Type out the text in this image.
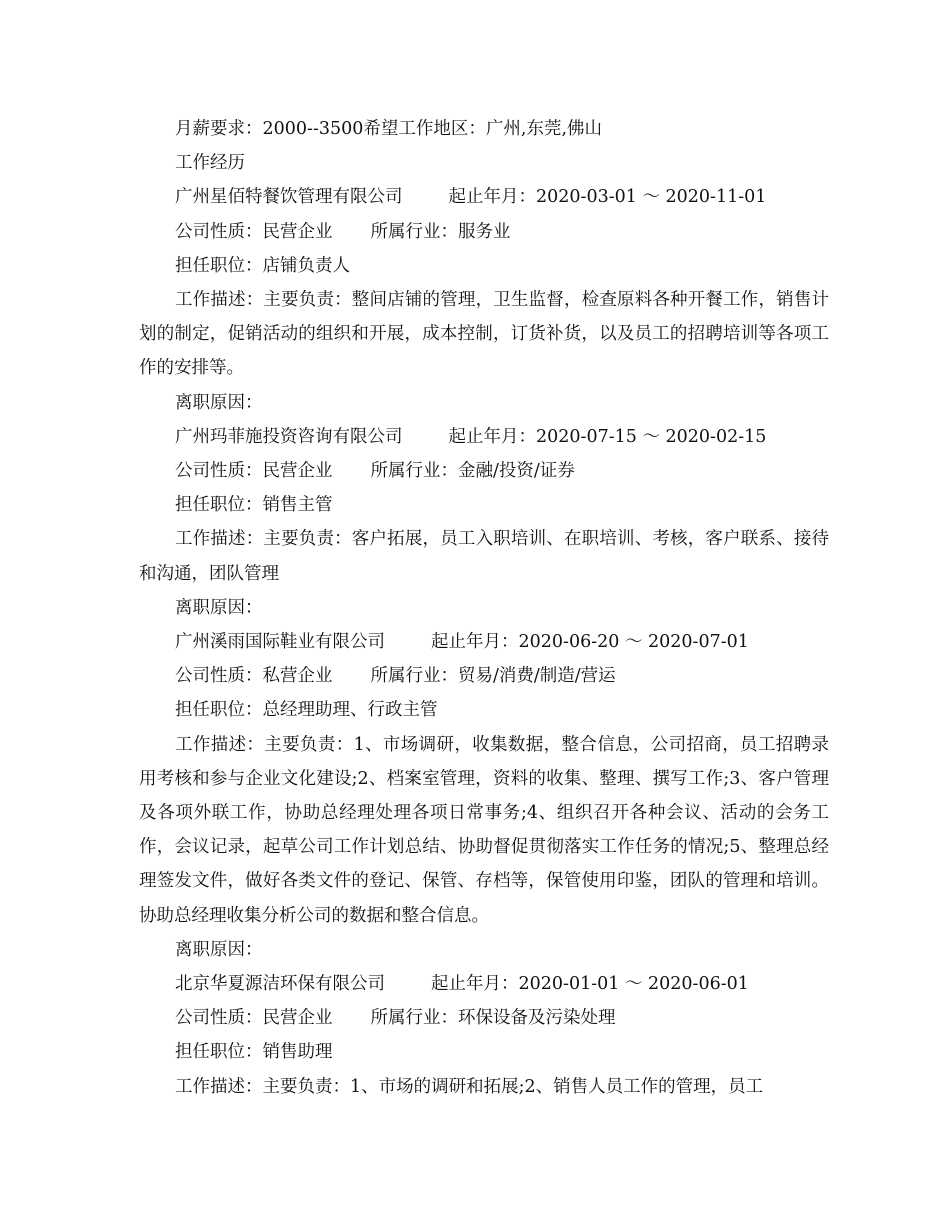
月薪要求：2000--3500希望工作地区：广州,东莞,佛山
工作经历
广州星佰特餐饮管理有限公司	起止年月：2020-03-01 ～ 2020-11-01
公司性质：民营企业 所属行业：服务业
担任职位：店铺负责人
工作描述：主要负责：整间店铺的管理，卫生监督，检查原料各种开餐工作，销售计划的制定，促销活动的组织和开展，成本控制，订货补货，以及员工的招聘培训等各项工作的安排等。
离职原因：
广州玛菲施投资咨询有限公司	起止年月：2020-07-15 ～ 2020-02-15
公司性质：民营企业 所属行业：金融/投资/证券
担任职位：销售主管
工作描述：主要负责：客户拓展，员工入职培训、在职培训、考核，客户联系、接待和沟通，团队管理
离职原因：
广州溪雨国际鞋业有限公司	起止年月：2020-06-20 ～ 2020-07-01
公司性质：私营企业 所属行业：贸易/消费/制造/营运
担任职位：总经理助理、行政主管
工作描述：主要负责：1、市场调研，收集数据，整合信息，公司招商，员工招聘录用考核和参与企业文化建设;2、档案室管理，资料的收集、整理、撰写工作;3、客户管理及各项外联工作，协助总经理处理各项日常事务;4、组织召开各种会议、活动的会务工作，会议记录，起草公司工作计划总结、协助督促贯彻落实工作任务的情况;5、整理总经理签发文件，做好各类文件的登记、保管、存档等，保管使用印鉴，团队的管理和培训。协助总经理收集分析公司的数据和整合信息。
离职原因：
北京华夏源洁环保有限公司	起止年月：2020-01-01 ～ 2020-06-01
公司性质：民营企业 所属行业：环保设备及污染处理
担任职位：销售助理
工作描述：主要负责：1、市场的调研和拓展;2、销售人员工作的管理，员工
